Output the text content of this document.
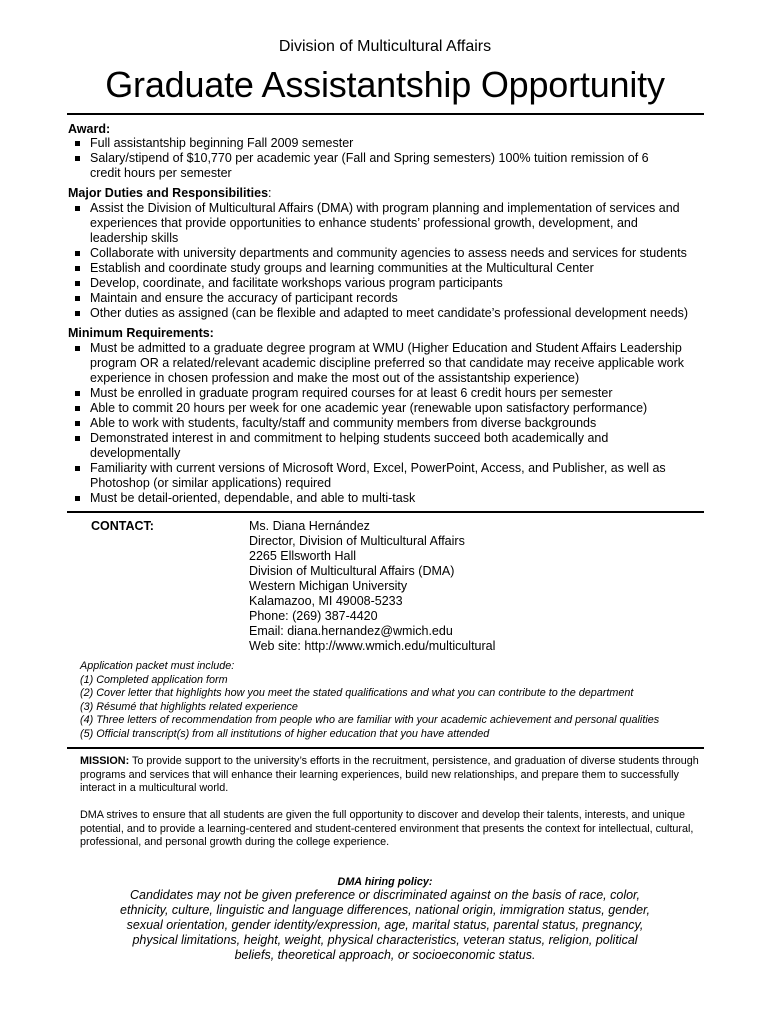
Division of Multicultural Affairs
Graduate Assistantship Opportunity
Award:
Full assistantship beginning Fall 2009 semester
Salary/stipend of $10,770 per academic year (Fall and Spring semesters) 100% tuition remission of 6 credit hours per semester
Major Duties and Responsibilities:
Assist the Division of Multicultural Affairs (DMA) with program planning and implementation of services and experiences that provide opportunities to enhance students’ professional growth, development, and leadership skills
Collaborate with university departments and community agencies to assess needs and services for students
Establish and coordinate study groups and learning communities at the Multicultural Center
Develop, coordinate, and facilitate workshops various program participants
Maintain and ensure the accuracy of participant records
Other duties as assigned (can be flexible and adapted to meet candidate’s professional development needs)
Minimum Requirements:
Must be admitted to a graduate degree program at WMU (Higher Education and Student Affairs Leadership program OR a related/relevant academic discipline preferred so that candidate may receive applicable work experience in chosen profession and make the most out of the assistantship experience)
Must be enrolled in graduate program required courses for at least 6 credit hours per semester
Able to commit 20 hours per week for one academic year (renewable upon satisfactory performance)
Able to work with students, faculty/staff and community members from diverse backgrounds
Demonstrated interest in and commitment to helping students succeed both academically and developmentally
Familiarity with current versions of Microsoft Word, Excel, PowerPoint, Access, and Publisher, as well as Photoshop (or similar applications) required
Must be detail-oriented, dependable, and able to multi-task
CONTACT:	Ms. Diana Hernández
Director, Division of Multicultural Affairs
2265 Ellsworth Hall
Division of Multicultural Affairs (DMA)
Western Michigan University
Kalamazoo, MI 49008-5233
Phone: (269) 387-4420
Email: diana.hernandez@wmich.edu
Web site: http://www.wmich.edu/multicultural
Application packet must include:
(1) Completed application form
(2) Cover letter that highlights how you meet the stated qualifications and what you can contribute to the department
(3) Résumé that highlights related experience
(4) Three letters of recommendation from people who are familiar with your academic achievement and personal qualities
(5) Official transcript(s) from all institutions of higher education that you have attended
MISSION: To provide support to the university’s efforts in the recruitment, persistence, and graduation of diverse students through programs and services that will enhance their learning experiences, build new relationships, and prepare them to successfully interact in a multicultural world.
DMA strives to ensure that all students are given the full opportunity to discover and develop their talents, interests, and unique potential, and to provide a learning-centered and student-centered environment that presents the context for intellectual, cultural, professional, and personal growth during the college experience.
DMA hiring policy:
Candidates may not be given preference or discriminated against on the basis of race, color, ethnicity, culture, linguistic and language differences, national origin, immigration status, gender, sexual orientation, gender identity/expression, age, marital status, parental status, pregnancy, physical limitations, height, weight, physical characteristics, veteran status, religion, political beliefs, theoretical approach, or socioeconomic status.
